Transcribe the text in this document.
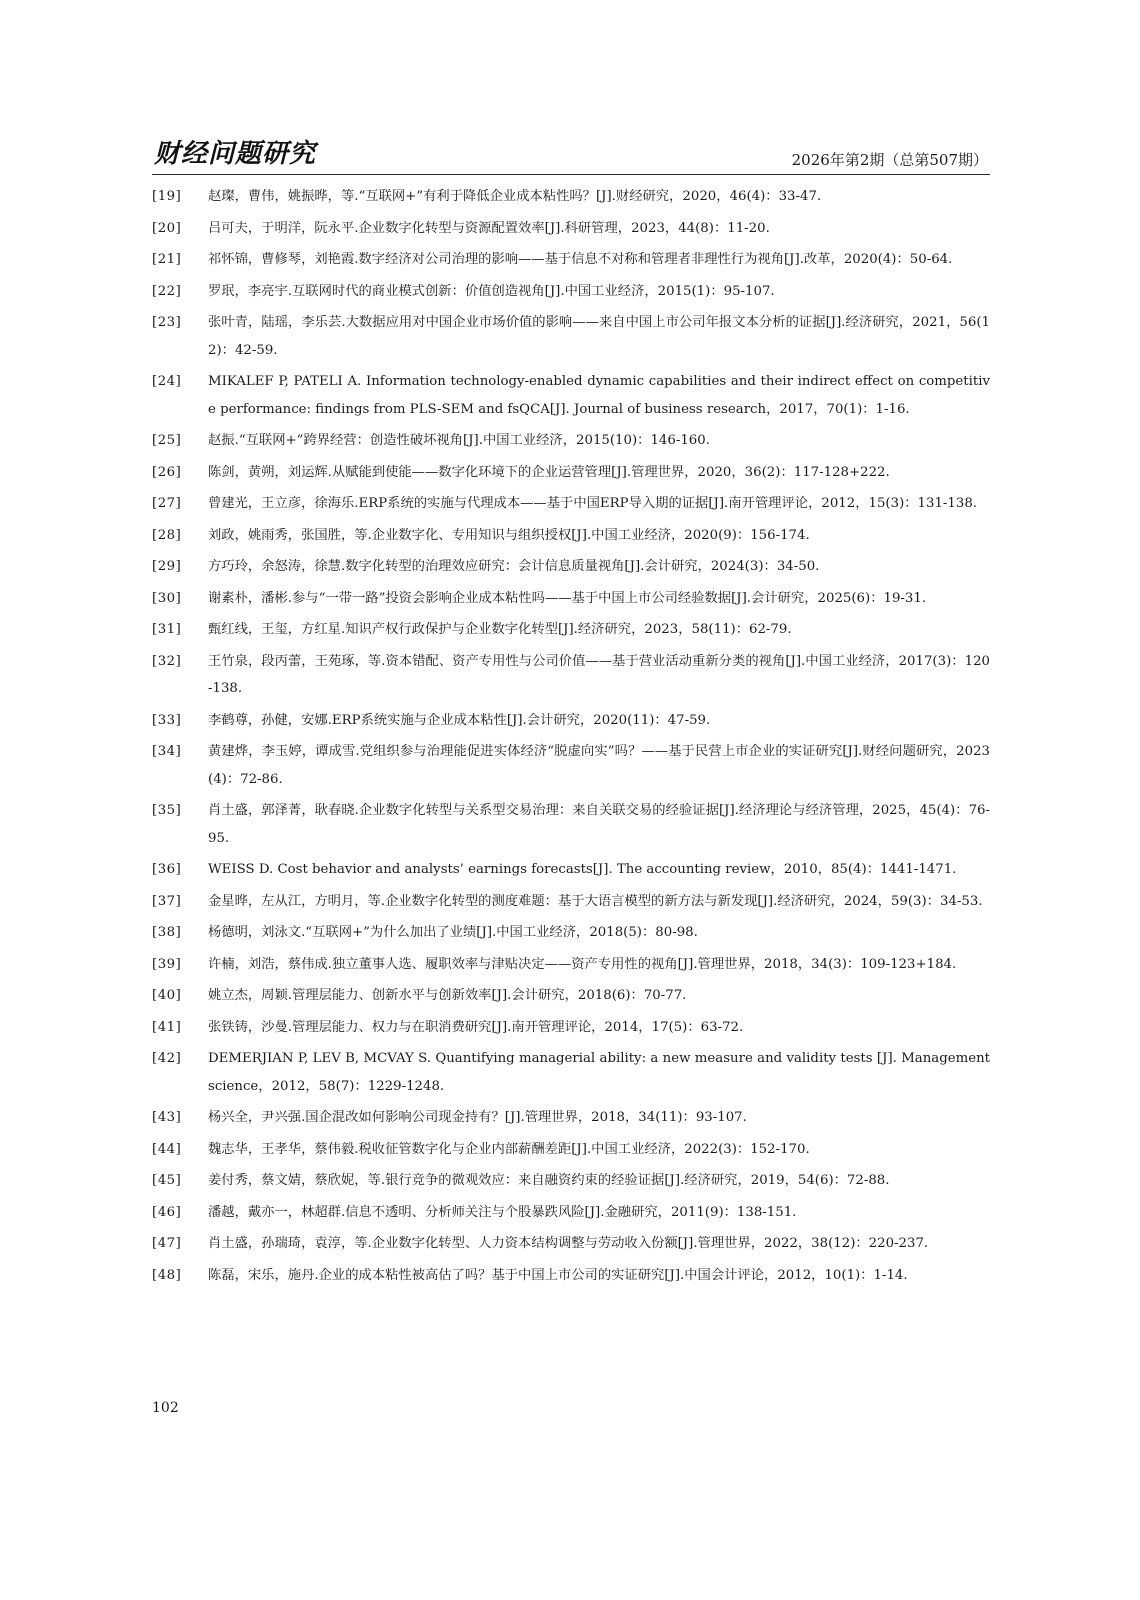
财经问题研究	2026年第2期（总第507期）
[19]	赵璨，曹伟，姚振晔，等.“互联网+”有利于降低企业成本粘性吗？[J].财经研究，2020，46(4)：33-47.
[20]	吕可夫，于明洋，阮永平.企业数字化转型与资源配置效率[J].科研管理，2023，44(8)：11-20.
[21]	祁怀锦，曹修琴，刘艳霞.数字经济对公司治理的影响——基于信息不对称和管理者非理性行为视角[J].改革，2020(4)：50-64.
[22]	罗珉，李亮宇.互联网时代的商业模式创新：价值创造视角[J].中国工业经济，2015(1)：95-107.
[23]	张叶青，陆瑶，李乐芸.大数据应用对中国企业市场价值的影响——来自中国上市公司年报文本分析的证据[J].经济研究，2021，56(12)：42-59.
[24]	MIKALEF P, PATELI A. Information technology-enabled dynamic capabilities and their indirect effect on competitive performance: findings from PLS-SEM and fsQCA[J]. Journal of business research，2017，70(1)：1-16.
[25]	赵振.“互联网+”跨界经营：创造性破坏视角[J].中国工业经济，2015(10)：146-160.
[26]	陈剑，黄朔，刘运辉.从赋能到使能——数字化环境下的企业运营管理[J].管理世界，2020，36(2)：117-128+222.
[27]	曾建光，王立彦，徐海乐.ERP系统的实施与代理成本——基于中国ERP导入期的证据[J].南开管理评论，2012，15(3)：131-138.
[28]	刘政，姚雨秀，张国胜，等.企业数字化、专用知识与组织授权[J].中国工业经济，2020(9)：156-174.
[29]	方巧玲，余怒涛，徐慧.数字化转型的治理效应研究：会计信息质量视角[J].会计研究，2024(3)：34-50.
[30]	谢素朴，潘彬.参与“一带一路”投资会影响企业成本粘性吗——基于中国上市公司经验数据[J].会计研究，2025(6)：19-31.
[31]	甄红线，王玺，方红星.知识产权行政保护与企业数字化转型[J].经济研究，2023，58(11)：62-79.
[32]	王竹泉，段丙蕾，王苑琢，等.资本错配、资产专用性与公司价值——基于营业活动重新分类的视角[J].中国工业经济，2017(3)：120-138.
[33]	李鹤尊，孙健，安娜.ERP系统实施与企业成本粘性[J].会计研究，2020(11)：47-59.
[34]	黄建烨，李玉婷，谭成雪.党组织参与治理能促进实体经济“脱虚向实”吗？——基于民营上市企业的实证研究[J].财经问题研究，2023(4)：72-86.
[35]	肖土盛，郭泽菁，耿春晓.企业数字化转型与关系型交易治理：来自关联交易的经验证据[J].经济理论与经济管理，2025，45(4)：76-95.
[36]	WEISS D. Cost behavior and analysts’ earnings forecasts[J]. The accounting review，2010，85(4)：1441-1471.
[37]	金星晔，左从江，方明月，等.企业数字化转型的测度难题：基于大语言模型的新方法与新发现[J].经济研究，2024，59(3)：34-53.
[38]	杨德明，刘泳文.“互联网+”为什么加出了业绩[J].中国工业经济，2018(5)：80-98.
[39]	许楠，刘浩，蔡伟成.独立董事人选、履职效率与津贴决定——资产专用性的视角[J].管理世界，2018，34(3)：109-123+184.
[40]	姚立杰，周颖.管理层能力、创新水平与创新效率[J].会计研究，2018(6)：70-77.
[41]	张铁铸，沙曼.管理层能力、权力与在职消费研究[J].南开管理评论，2014，17(5)：63-72.
[42]	DEMERJIAN P, LEV B, MCVAY S. Quantifying managerial ability: a new measure and validity tests [J]. Management science，2012，58(7)：1229-1248.
[43]	杨兴全，尹兴强.国企混改如何影响公司现金持有？[J].管理世界，2018，34(11)：93-107.
[44]	魏志华，王孝华，蔡伟毅.税收征管数字化与企业内部薪酬差距[J].中国工业经济，2022(3)：152-170.
[45]	姜付秀，蔡文婧，蔡欣妮，等.银行竞争的微观效应：来自融资约束的经验证据[J].经济研究，2019，54(6)：72-88.
[46]	潘越，戴亦一，林超群.信息不透明、分析师关注与个股暴跌风险[J].金融研究，2011(9)：138-151.
[47]	肖土盛，孙瑞琦，袁淳，等.企业数字化转型、人力资本结构调整与劳动收入份额[J].管理世界，2022，38(12)：220-237.
[48]	陈磊，宋乐，施丹.企业的成本粘性被高估了吗？基于中国上市公司的实证研究[J].中国会计评论，2012，10(1)：1-14.
102
